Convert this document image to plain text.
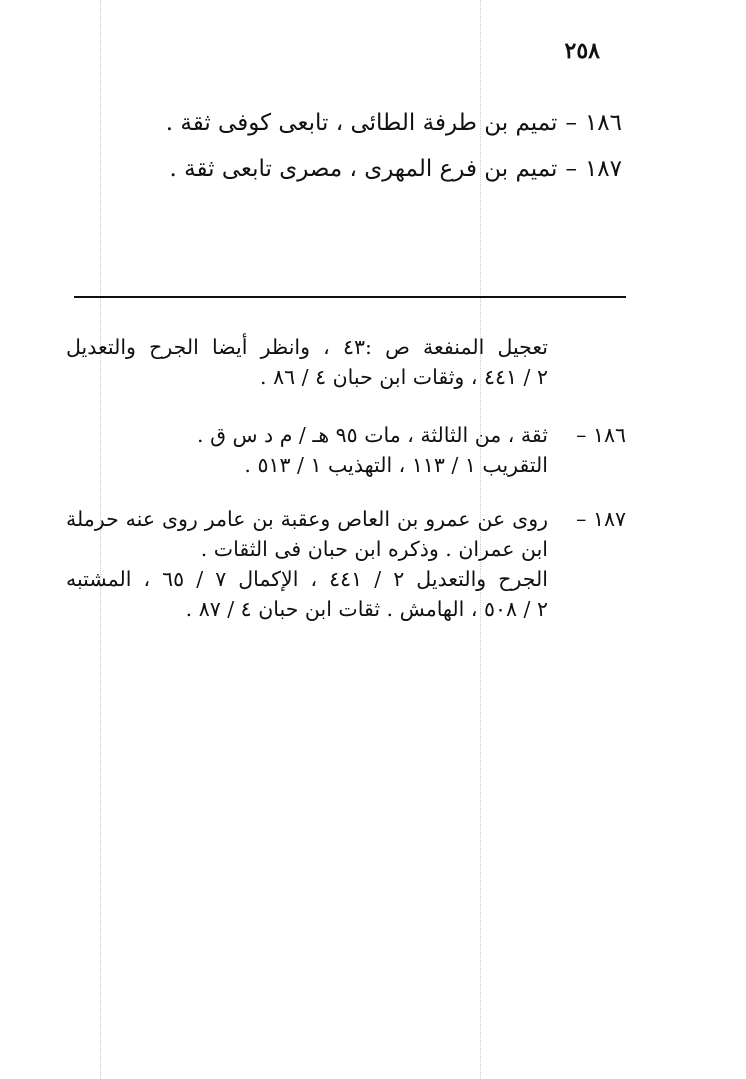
٢٥٨
١٨٦–تميم بن طرفة الطائى ، تابعى كوفى ثقة .
١٨٧–تميم بن فرع المهرى ، مصرى تابعى ثقة .
تعجيل المنفعة ص :٤٣ ، وانظر أيضا الجرح والتعديل
٢ / ٤٤١ ، وثقات ابن حبان ٤ / ٨٦ .
١٨٦ –
ثقة ، من الثالثة ، مات ٩٥ هـ / م د س ق .
التقريب ١ / ١١٣ ، التهذيب ١ / ٥١٣ .
١٨٧ –
روى عن عمرو بن العاص وعقبة بن عامر روى عنه حرملة
ابن عمران . وذكره ابن حبان فى الثقات .
الجرح والتعديل ٢ / ٤٤١ ، الإكمال ٧ / ٦٥ ، المشتبه
٢ / ٥٠٨ ، الهامش . ثقات ابن حبان ٤ / ٨٧ .
